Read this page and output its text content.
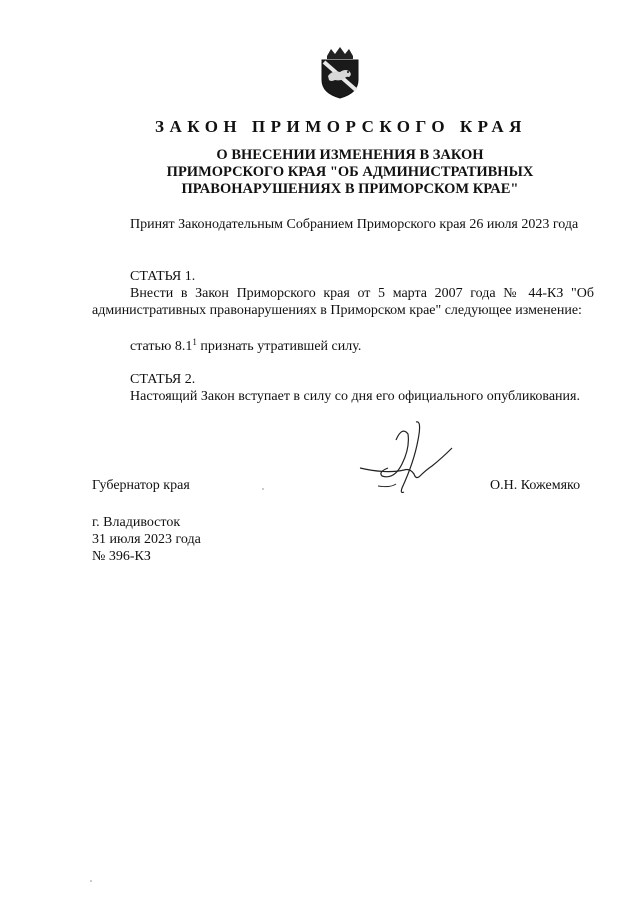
ЗАКОН ПРИМОРСКОГО КРАЯ
О ВНЕСЕНИИ ИЗМЕНЕНИЯ В ЗАКОН
ПРИМОРСКОГО КРАЯ "ОБ АДМИНИСТРАТИВНЫХ
ПРАВОНАРУШЕНИЯХ В ПРИМОРСКОМ КРАЕ"
Принят Законодательным Собранием Приморского края 26 июля 2023 года
СТАТЬЯ 1.
Внести в Закон Приморского края от 5 марта 2007 года № 44-КЗ "Об административных правонарушениях в Приморском крае" следующее изменение:
статью $8.1^1$ признать утратившей силу.
СТАТЬЯ 2.
Настоящий Закон вступает в силу со дня его официального опубликования.
Губернатор края	О.Н. Кожемяко
г. Владивосток
31 июля 2023 года
№ 396-КЗ
